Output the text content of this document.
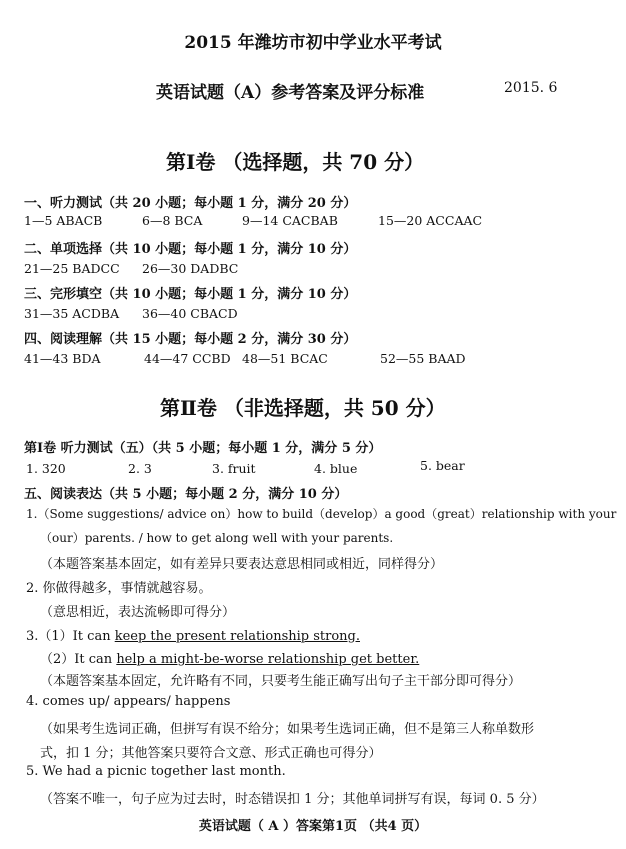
2015 年潍坊市初中学业水平考试
英语试题（A）参考答案及评分标准	2015. 6
第Ⅰ卷 （选择题，共 70 分）
一、听力测试（共 20 小题；每小题 1 分，满分 20 分）
1—5 ABACB	6—8 BCA	9—14 CACBAB	15—20 ACCAAC
二、单项选择（共 10 小题；每小题 1 分，满分 10 分）
21—25 BADCC 26—30 DADBC
三、完形填空（共 10 小题；每小题 1 分，满分 10 分）
31—35 ACDBA 36—40 CBACD
四、阅读理解（共 15 小题；每小题 2 分，满分 30 分）
41—43 BDA	44—47 CCBD 48—51 BCAC	52—55 BAAD
第Ⅱ卷 （非选择题，共 50 分）
第Ⅰ卷 听力测试（五）（共 5 小题；每小题 1 分，满分 5 分）
1. 320	2. 3	3. fruit	4. blue	5. bear
五、阅读表达（共 5 小题；每小题 2 分，满分 10 分）
1.（Some suggestions/ advice on）how to build（develop）a good（great）relationship with your
（our）parents. / how to get along well with your parents.
（本题答案基本固定，如有差异只要表达意思相同或相近，同样得分）
2. 你做得越多，事情就越容易。
（意思相近，表达流畅即可得分）
3.（1）It can keep the present relationship strong.
（2）It can help a might-be-worse relationship get better.
（本题答案基本固定，允许略有不同，只要考生能正确写出句子主干部分即可得分）
4. comes up/ appears/ happens
（如果考生选词正确，但拼写有误不给分；如果考生选词正确，但不是第三人称单数形
式，扣 1 分；其他答案只要符合文意、形式正确也可得分）
5. We had a picnic together last month.
（答案不唯一，句子应为过去时，时态错误扣 1 分；其他单词拼写有误，每词 0. 5 分）
英语试题（ A ）答案第1页 （共4 页）
